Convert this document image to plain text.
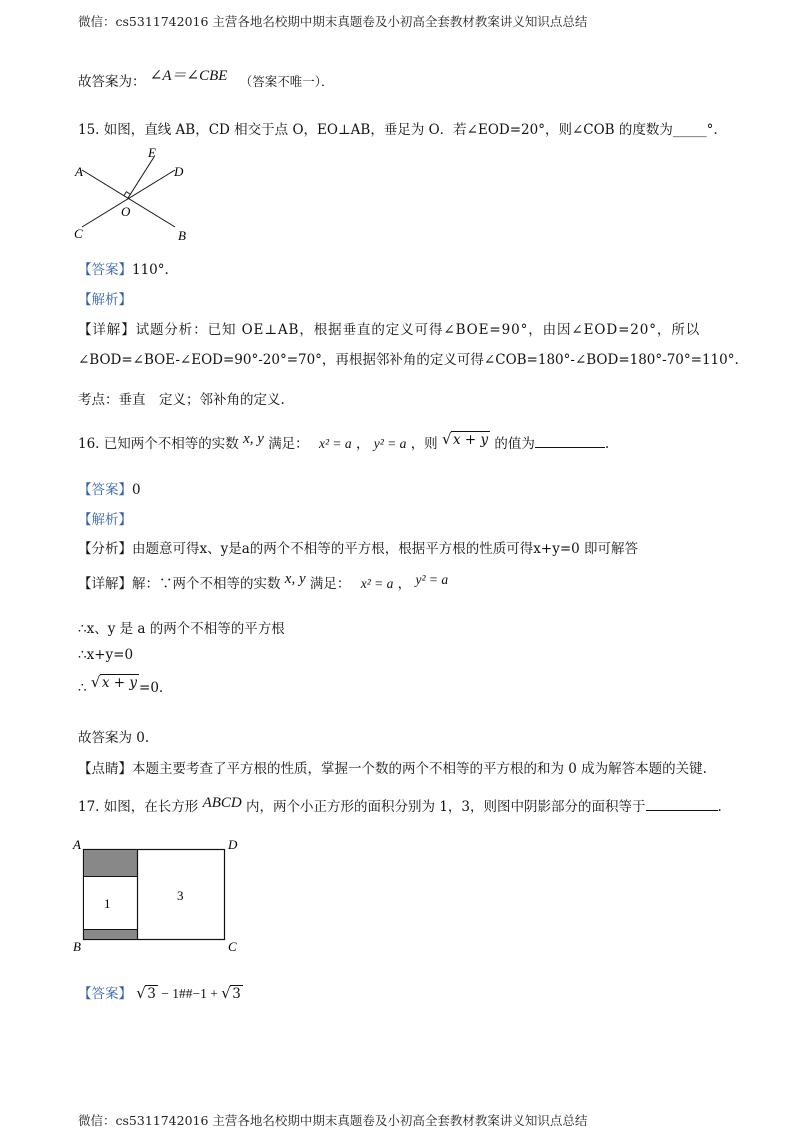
微信：cs5311742016 主营各地名校期中期末真题卷及小初高全套教材教案讲义知识点总结
故答案为： ∠A＝∠CBE （答案不唯一）．
15. 如图，直线 AB，CD 相交于点 O，EO⊥AB，垂足为 O．若∠EOD=20°，则∠COB 的度数为_____°.
A
B
C
D
E
O
【答案】110°.
【解析】
【详解】试题分析：已知 OE⊥AB，根据垂直的定义可得∠BOE=90°，由因∠EOD=20°，所以
∠BOD=∠BOE-∠EOD=90°-20°=70°，再根据邻补角的定义可得∠COB=180°-∠BOD=180°-70°=110°.
考点：垂直　定义；邻补角的定义.
16. 已知两个不相等的实数 x, y 满足： x² = a ， y² = a ，则 √ x + y 的值为	.
【答案】0
【解析】
【分析】由题意可得x、y是a的两个不相等的平方根，根据平方根的性质可得x+y=0 即可解答
【详解】解：∵两个不相等的实数 x, y 满足： x² = a ， y² = a
∴x、y 是 a 的两个不相等的平方根
∴x+y=0
∴ √ x + y =0.
故答案为 0.
【点睛】本题主要考查了平方根的性质，掌握一个数的两个不相等的平方根的和为 0 成为解答本题的关键.
17. 如图，在长方形 ABCD 内，两个小正方形的面积分别为 1，3，则图中阴影部分的面积等于	.
1
3
A	D
B	C
【答案】 √ 3 − 1##−1 + √ 3
微信：cs5311742016 主营各地名校期中期末真题卷及小初高全套教材教案讲义知识点总结
